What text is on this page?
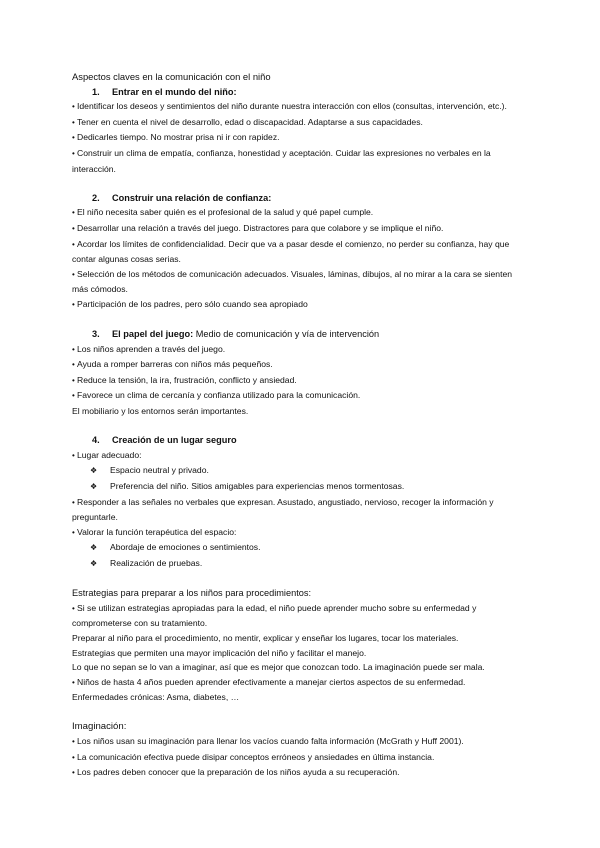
Aspectos claves en la comunicación con el niño

1. Entrar en el mundo del niño:

• Identificar los deseos y sentimientos del niño durante nuestra interacción con ellos (consultas, intervención, etc.).

• Tener en cuenta el nivel de desarrollo, edad o discapacidad. Adaptarse a sus capacidades.

• Dedicarles tiempo. No mostrar prisa ni ir con rapidez.

• Construir un clima de empatía, confianza, honestidad y aceptación. Cuidar las expresiones no verbales en la interacción.

2. Construir una relación de confianza:

• El niño necesita saber quién es el profesional de la salud y qué papel cumple.

• Desarrollar una relación a través del juego. Distractores para que colabore y se implique el niño.

• Acordar los límites de confidencialidad. Decir que va a pasar desde el comienzo, no perder su confianza, hay que contar algunas cosas serias.

• Selección de los métodos de comunicación adecuados. Visuales, láminas, dibujos, al no mirar a la cara se sienten más cómodos.

• Participación de los padres, pero sólo cuando sea apropiado

3. El papel del juego: Medio de comunicación y vía de intervención

• Los niños aprenden a través del juego.

• Ayuda a romper barreras con niños más pequeños.

• Reduce la tensión, la ira, frustración, conflicto y ansiedad.

• Favorece un clima de cercanía y confianza utilizado para la comunicación.

El mobiliario y los entornos serán importantes.

4. Creación de un lugar seguro

• Lugar adecuado:

❖ Espacio neutral y privado.

❖ Preferencia del niño. Sitios amigables para experiencias menos tormentosas.

• Responder a las señales no verbales que expresan. Asustado, angustiado, nervioso, recoger la información y preguntarle.

• Valorar la función terapéutica del espacio:

❖ Abordaje de emociones o sentimientos.

❖ Realización de pruebas.

Estrategias para preparar a los niños para procedimientos:

• Si se utilizan estrategias apropiadas para la edad, el niño puede aprender mucho sobre su enfermedad y comprometerse con su tratamiento.

Preparar al niño para el procedimiento, no mentir, explicar y enseñar los lugares, tocar los materiales.

Estrategias que permiten una mayor implicación del niño y facilitar el manejo.

Lo que no sepan se lo van a imaginar, así que es mejor que conozcan todo. La imaginación puede ser mala.

• Niños de hasta 4 años pueden aprender efectivamente a manejar ciertos aspectos de su enfermedad.

Enfermedades crónicas: Asma, diabetes, …

Imaginación:

• Los niños usan su imaginación para llenar los vacíos cuando falta información (McGrath y Huff 2001).

• La comunicación efectiva puede disipar conceptos erróneos y ansiedades en última instancia.

• Los padres deben conocer que la preparación de los niños ayuda a su recuperación.
